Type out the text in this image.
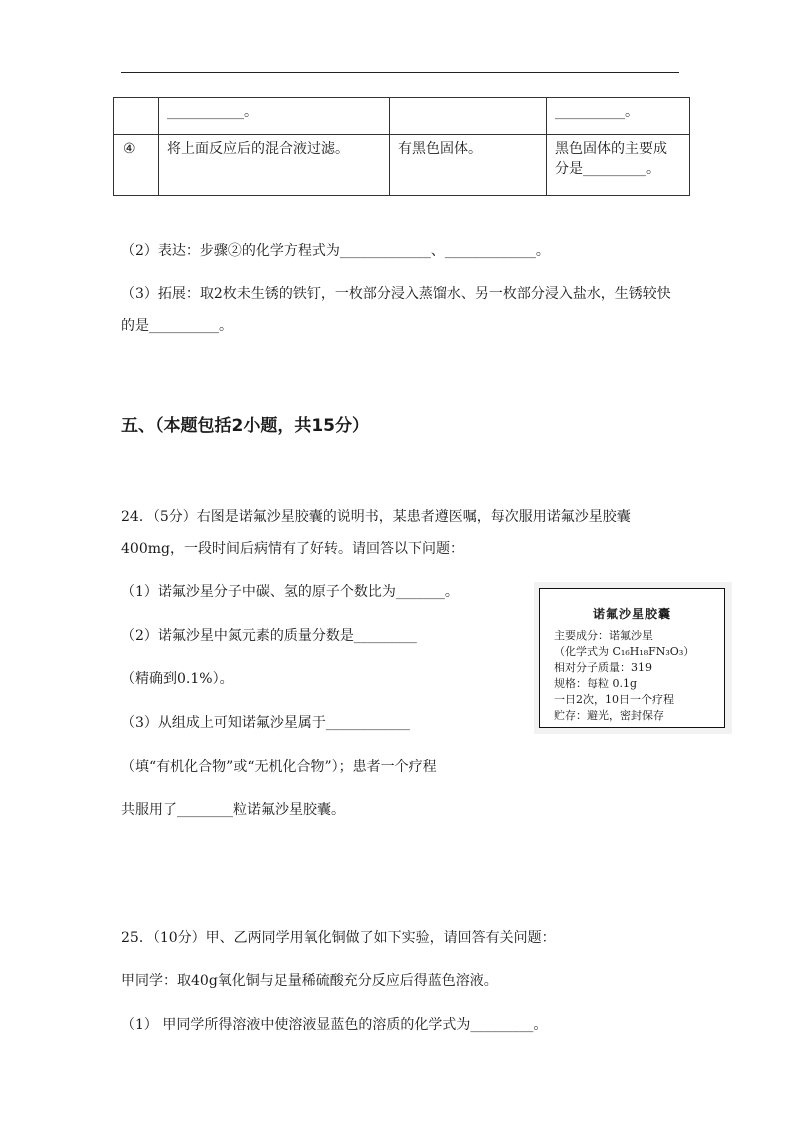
	___________。		__________。

④	将上面反应后的混合液过滤。	有黑色固体。	黑色固体的主要成
分是_________。
（2）表达：步骤②的化学方程式为_____________、_____________。
（3）拓展：取2枚未生锈的铁钉，一枚部分浸入蒸馏水、另一枚部分浸入盐水，生锈较快
的是__________。
五、（本题包括2小题，共15分）
24．（5分）右图是诺氟沙星胶囊的说明书，某患者遵医嘱，每次服用诺氟沙星胶囊
400mg，一段时间后病情有了好转。请回答以下问题：
（1）诺氟沙星分子中碳、氢的原子个数比为_______。
（2）诺氟沙星中氮元素的质量分数是_________
（精确到0.1%）。
（3）从组成上可知诺氟沙星属于____________
（填“有机化合物”或“无机化合物”）；患者一个疗程
共服用了________粒诺氟沙星胶囊。
诺氟沙星胶囊
主要成分：诺氟沙星
（化学式为 C₁₆H₁₈FN₃O₃）
相对分子质量：319
规格：每粒 0.1g
一日2次，10日一个疗程
贮存：避光，密封保存
25．（10分）甲、乙两同学用氧化铜做了如下实验，请回答有关问题：
甲同学：取40g氧化铜与足量稀硫酸充分反应后得蓝色溶液。
（1） 甲同学所得溶液中使溶液显蓝色的溶质的化学式为_________。
